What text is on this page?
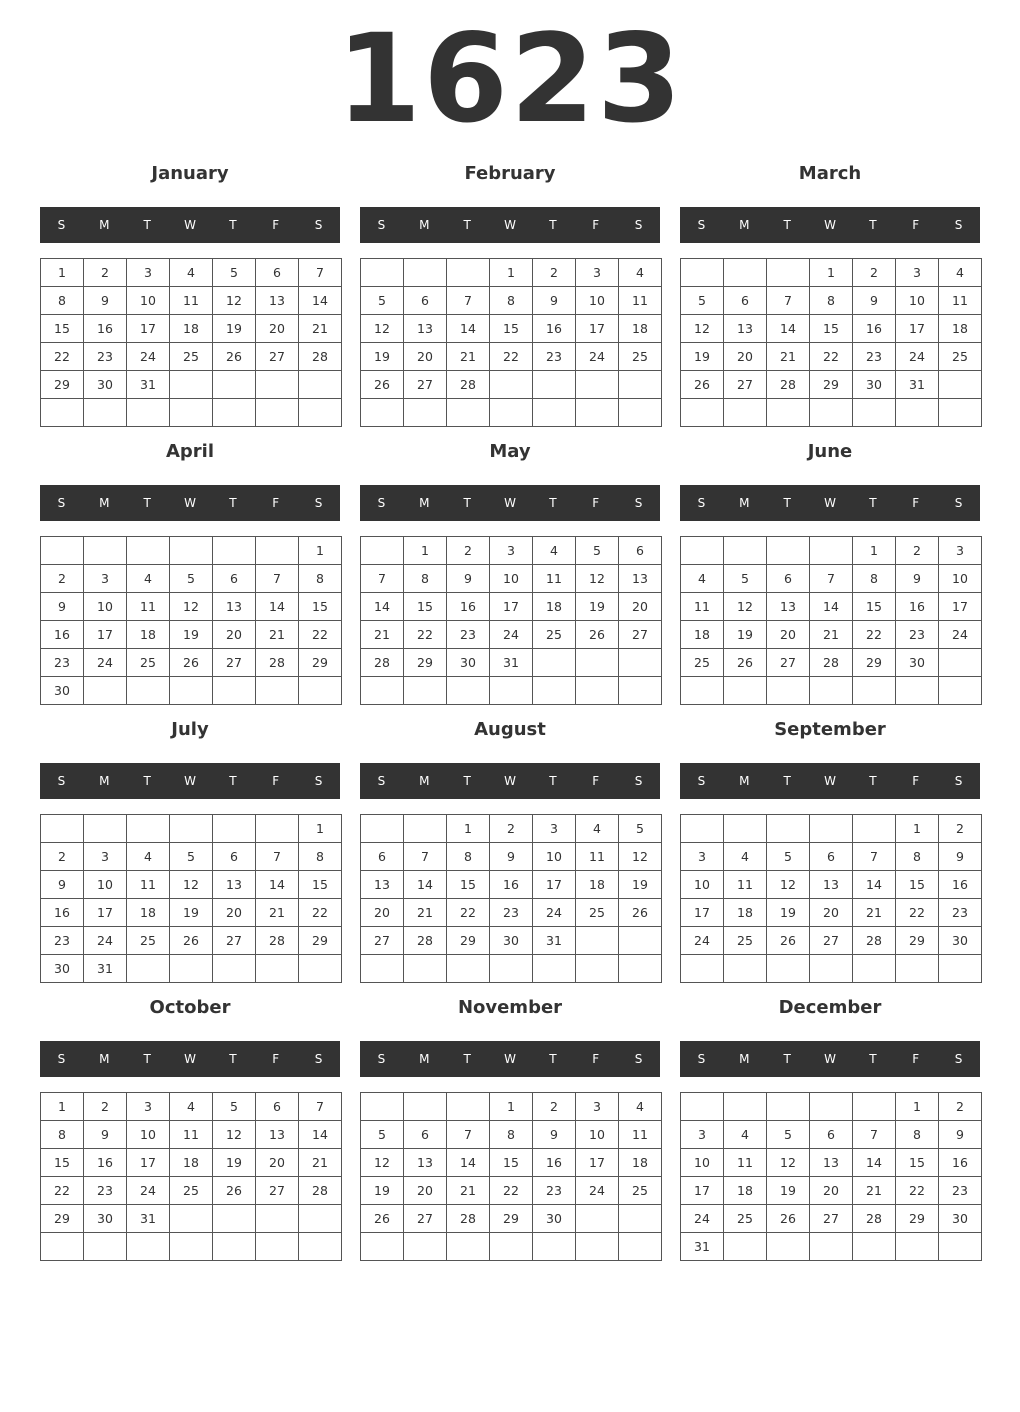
1623
January
S	M	T	W	T	F	S
1	2	3	4	5	6	7
8	9	10	11	12	13	14
15	16	17	18	19	20	21
22	23	24	25	26	27	28
29	30	31				

February
S	M	T	W	T	F	S
			1	2	3	4
5	6	7	8	9	10	11
12	13	14	15	16	17	18
19	20	21	22	23	24	25
26	27	28				

March
S	M	T	W	T	F	S
			1	2	3	4
5	6	7	8	9	10	11
12	13	14	15	16	17	18
19	20	21	22	23	24	25
26	27	28	29	30	31	

April
S	M	T	W	T	F	S
						1
2	3	4	5	6	7	8
9	10	11	12	13	14	15
16	17	18	19	20	21	22
23	24	25	26	27	28	29
30						
May
S	M	T	W	T	F	S
	1	2	3	4	5	6
7	8	9	10	11	12	13
14	15	16	17	18	19	20
21	22	23	24	25	26	27
28	29	30	31			

June
S	M	T	W	T	F	S
				1	2	3
4	5	6	7	8	9	10
11	12	13	14	15	16	17
18	19	20	21	22	23	24
25	26	27	28	29	30	

July
S	M	T	W	T	F	S
						1
2	3	4	5	6	7	8
9	10	11	12	13	14	15
16	17	18	19	20	21	22
23	24	25	26	27	28	29
30	31					
August
S	M	T	W	T	F	S
		1	2	3	4	5
6	7	8	9	10	11	12
13	14	15	16	17	18	19
20	21	22	23	24	25	26
27	28	29	30	31		

September
S	M	T	W	T	F	S
					1	2
3	4	5	6	7	8	9
10	11	12	13	14	15	16
17	18	19	20	21	22	23
24	25	26	27	28	29	30

October
S	M	T	W	T	F	S
1	2	3	4	5	6	7
8	9	10	11	12	13	14
15	16	17	18	19	20	21
22	23	24	25	26	27	28
29	30	31				

November
S	M	T	W	T	F	S
			1	2	3	4
5	6	7	8	9	10	11
12	13	14	15	16	17	18
19	20	21	22	23	24	25
26	27	28	29	30		

December
S	M	T	W	T	F	S
					1	2
3	4	5	6	7	8	9
10	11	12	13	14	15	16
17	18	19	20	21	22	23
24	25	26	27	28	29	30
31						
